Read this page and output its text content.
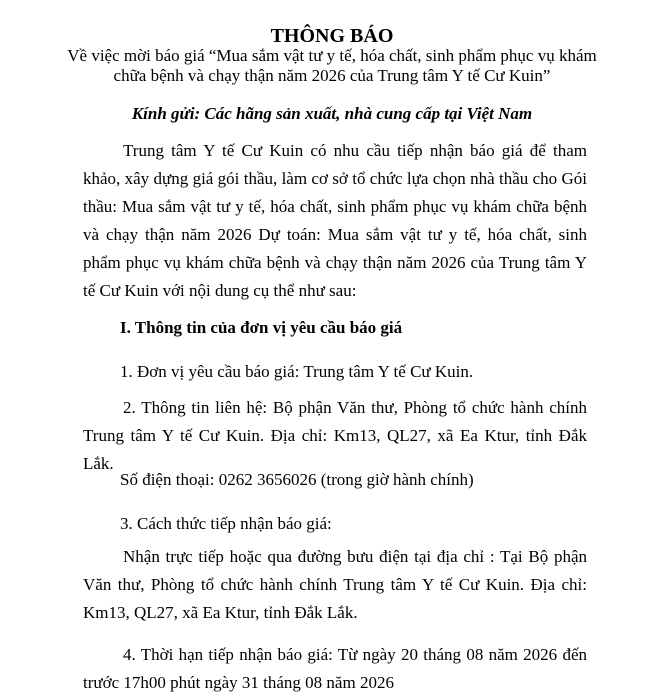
THÔNG BÁO
Về việc mời báo giá “Mua sắm vật tư y tế, hóa chất, sinh phẩm phục vụ khám chữa bệnh và chạy thận năm 2026 của Trung tâm Y tế Cư Kuin”
Kính gửi: Các hãng sản xuất, nhà cung cấp tại Việt Nam
Trung tâm Y tế Cư Kuin có nhu cầu tiếp nhận báo giá để tham khảo, xây dựng giá gói thầu, làm cơ sở tổ chức lựa chọn nhà thầu cho Gói thầu: Mua sắm vật tư y tế, hóa chất, sinh phẩm phục vụ khám chữa bệnh và chạy thận năm 2026 Dự toán: Mua sắm vật tư y tế, hóa chất, sinh phẩm phục vụ khám chữa bệnh và chạy thận năm 2026 của Trung tâm Y tế Cư Kuin với nội dung cụ thể như sau:
I. Thông tin của đơn vị yêu cầu báo giá
1. Đơn vị yêu cầu báo giá: Trung tâm Y tế Cư Kuin.
2. Thông tin liên hệ: Bộ phận Văn thư, Phòng tổ chức hành chính Trung tâm Y tế Cư Kuin. Địa chỉ: Km13, QL27, xã Ea Ktur, tỉnh Đắk Lắk.
Số điện thoại: 0262 3656026 (trong giờ hành chính)
3. Cách thức tiếp nhận báo giá:
Nhận trực tiếp hoặc qua đường bưu điện tại địa chỉ : Tại Bộ phận Văn thư, Phòng tổ chức hành chính Trung tâm Y tế Cư Kuin. Địa chỉ: Km13, QL27, xã Ea Ktur, tỉnh Đắk Lắk.
4. Thời hạn tiếp nhận báo giá: Từ ngày 20 tháng 08 năm 2026 đến trước 17h00 phút ngày 31 tháng 08 năm 2026
